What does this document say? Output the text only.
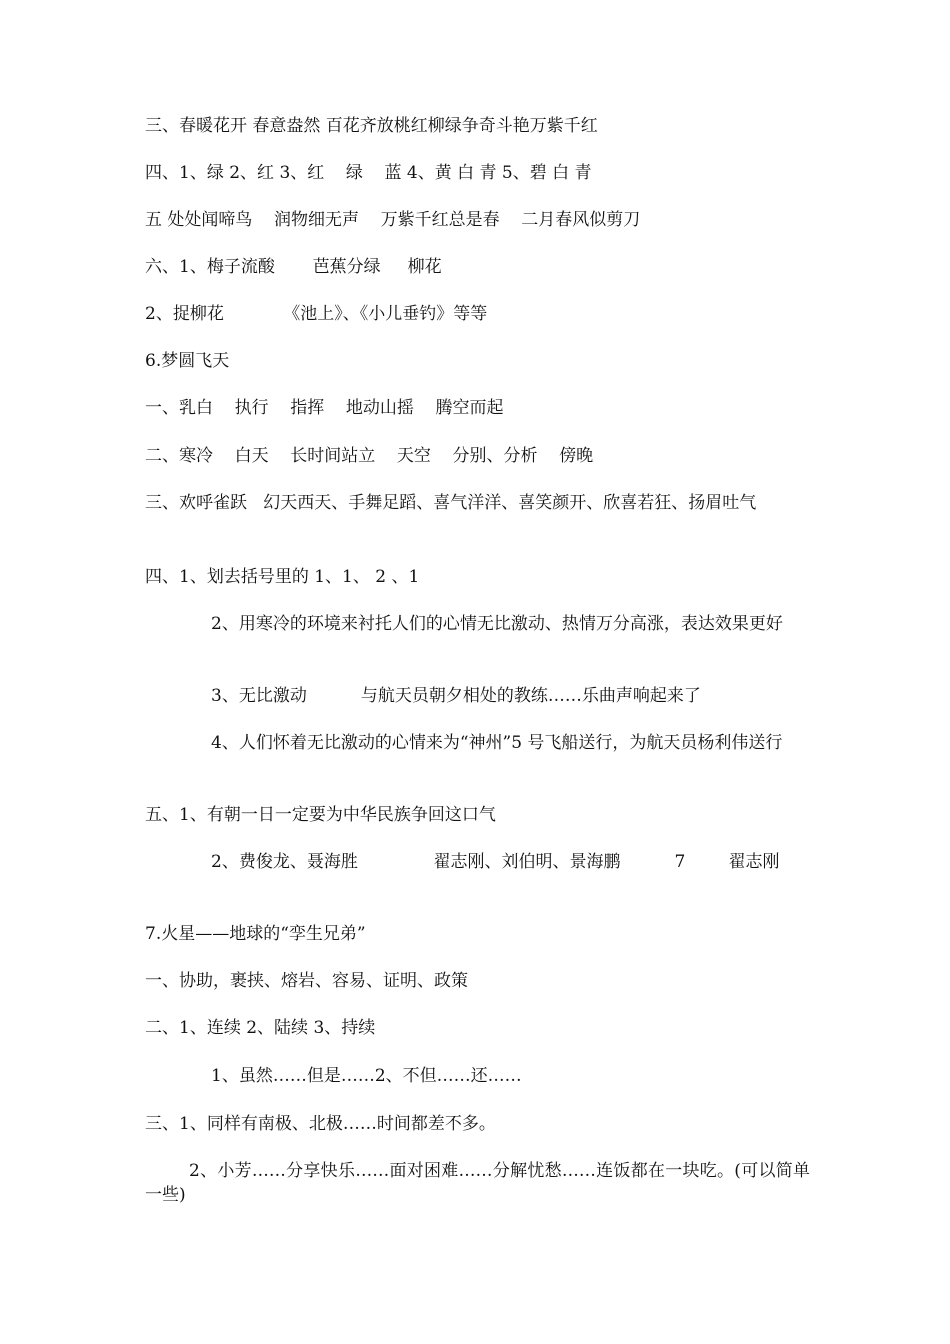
三、春暖花开 春意盎然 百花齐放桃红柳绿争奇斗艳万紫千红
四、1、绿 2、红 3、红    绿    蓝 4、黄 白 青 5、碧 白 青
五 处处闻啼鸟    润物细无声    万紫千红总是春    二月春风似剪刀
六、1、梅子流酸       芭蕉分绿     柳花
2、捉柳花           《池上》、《小儿垂钓》等等
6.梦圆飞天
一、乳白    执行    指挥    地动山摇    腾空而起
二、寒冷    白天    长时间站立    天空    分别、分析    傍晚
三、欢呼雀跃   幻天西天、手舞足蹈、喜气洋洋、喜笑颜开、欣喜若狂、扬眉吐气
四、1、划去括号里的 1、1、 2 、1
2、用寒冷的环境来衬托人们的心情无比激动、热情万分高涨，表达效果更好
3、无比激动          与航天员朝夕相处的教练……乐曲声响起来了
4、人们怀着无比激动的心情来为“神州”5 号飞船送行，为航天员杨利伟送行
五、1、有朝一日一定要为中华民族争回这口气
2、费俊龙、聂海胜              翟志刚、刘伯明、景海鹏          7        翟志刚
7.火星——地球的“孪生兄弟”
一、协助，裹挟、熔岩、容易、证明、政策
二、1、连续 2、陆续 3、持续
1、虽然……但是……2、不但……还……
三、1、同样有南极、北极……时间都差不多。
2、小芳……分享快乐……面对困难……分解忧愁……连饭都在一块吃。(可以简单一些)
